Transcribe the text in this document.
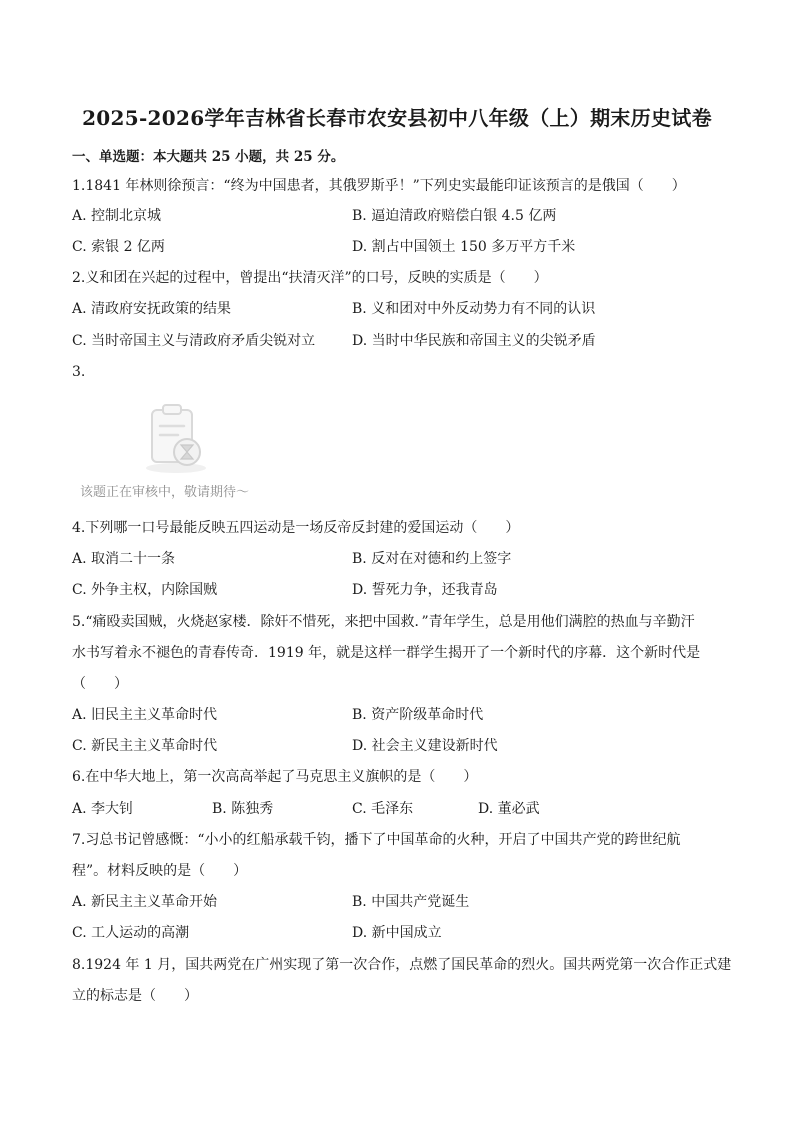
2025-2026学年吉林省长春市农安县初中八年级（上）期末历史试卷
一、单选题：本大题共 25 小题，共 25 分。
1.1841 年林则徐预言：“终为中国患者，其俄罗斯乎！”下列史实最能印证该预言的是俄国（　　）
A. 控制北京城	B. 逼迫清政府赔偿白银 4.5 亿两
C. 索银 2 亿两	D. 割占中国领土 150 多万平方千米
2.义和团在兴起的过程中，曾提出“扶清灭洋”的口号，反映的实质是（　　）
A. 清政府安抚政策的结果	B. 义和团对中外反动势力有不同的认识
C. 当时帝国主义与清政府矛盾尖锐对立	D. 当时中华民族和帝国主义的尖锐矛盾
3.
该题正在审核中，敬请期待～
4.下列哪一口号最能反映五四运动是一场反帝反封建的爱国运动（　　）
A. 取消二十一条	B. 反对在对德和约上签字
C. 外争主权，内除国贼	D. 誓死力争，还我青岛
5.“痛殴卖国贼，火烧赵家楼．除奸不惜死，来把中国救．”青年学生，总是用他们满腔的热血与辛勤汗
水书写着永不褪色的青春传奇．1919 年，就是这样一群学生揭开了一个新时代的序幕．这个新时代是
（　　）
A. 旧民主主义革命时代	B. 资产阶级革命时代
C. 新民主主义革命时代	D. 社会主义建设新时代
6.在中华大地上，第一次高高举起了马克思主义旗帜的是（　　）
A. 李大钊	B. 陈独秀	C. 毛泽东	D. 董必武
7.习总书记曾感慨：“小小的红船承载千钧，播下了中国革命的火种，开启了中国共产党的跨世纪航
程”。材料反映的是（　　）
A. 新民主主义革命开始	B. 中国共产党诞生
C. 工人运动的高潮	D. 新中国成立
8.1924 年 1 月，国共两党在广州实现了第一次合作，点燃了国民革命的烈火。国共两党第一次合作正式建
立的标志是（　　）
